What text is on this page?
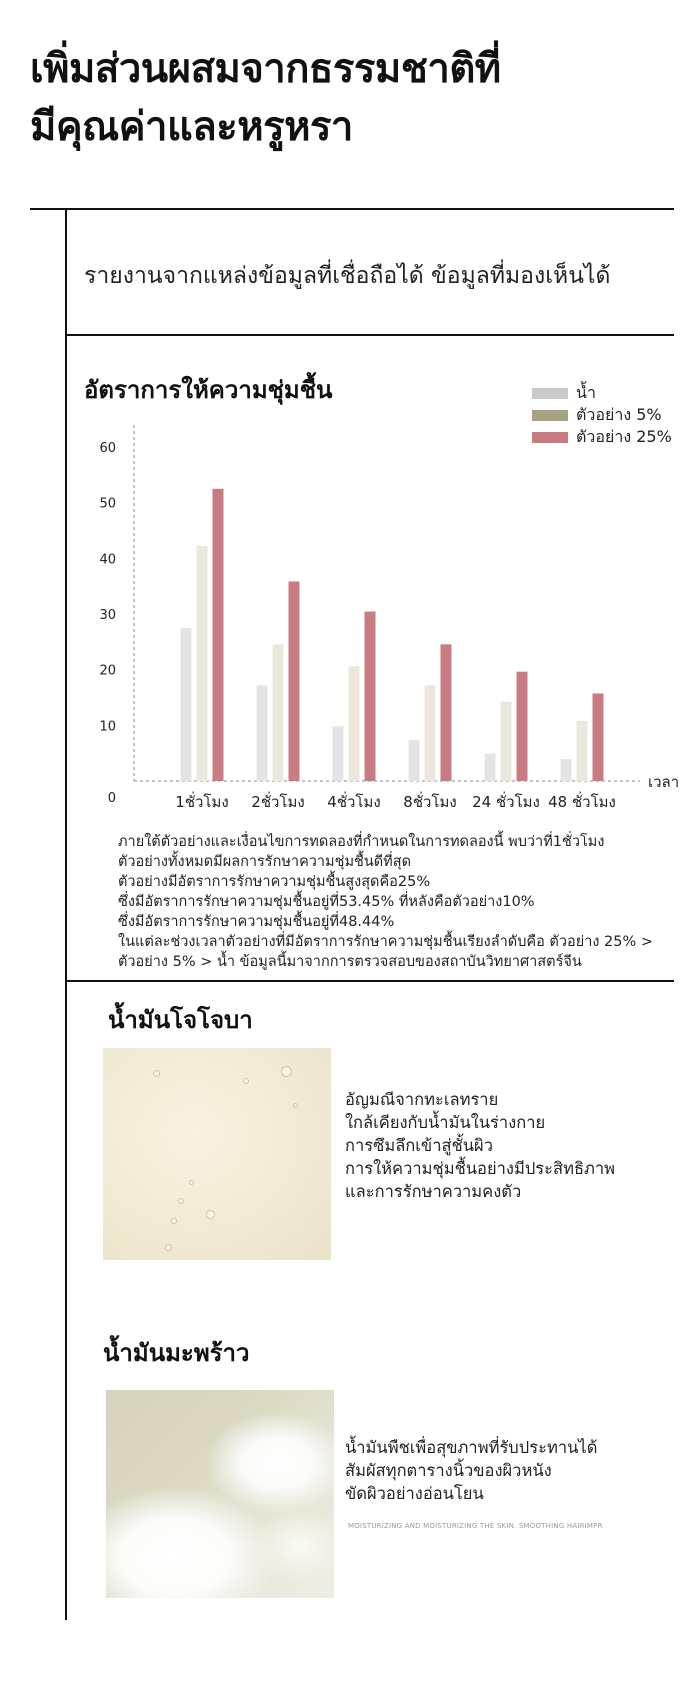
เพิ่มส่วนผสมจากธรรมชาติที่
มีคุณค่าและหรูหรา
รายงานจากแหล่งข้อมูลที่เชื่อถือได้ ข้อมูลที่มองเห็นได้
อัตราการให้ความชุ่มชื้น	น้ำ
ตัวอย่าง 5%
ตัวอย่าง 25%
0
10
20
30
40
50
60
1ชั่วโมง 2ชั่วโมง 4ชั่วโมง 8ชั่วโมง 24 ชั่วโมง 48 ชั่วโมง
เวลา
ภายใต้ตัวอย่างและเงื่อนไขการทดลองที่กำหนดในการทดลองนี้ พบว่าที่1ชั่วโมง
ตัวอย่างทั้งหมดมีผลการรักษาความชุ่มชื้นดีที่สุด
ตัวอย่างมีอัตราการรักษาความชุ่มชื้นสูงสุดคือ25%
ซึ่งมีอัตราการรักษาความชุ่มชื้นอยู่ที่53.45% ที่หลังคือตัวอย่าง10%
ซึ่งมีอัตราการรักษาความชุ่มชื้นอยู่ที่48.44%
ในแต่ละช่วงเวลาตัวอย่างที่มีอัตราการรักษาความชุ่มชื้นเรียงลำดับคือ ตัวอย่าง 25% >
ตัวอย่าง 5% > น้ำ ข้อมูลนี้มาจากการตรวจสอบของสถาบันวิทยาศาสตร์จีน
น้ำมันโจโจบา
อัญมณีจากทะเลทราย
ใกล้เคียงกับน้ำมันในร่างกาย
การซึมลึกเข้าสู่ชั้นผิว
การให้ความชุ่มชื้นอย่างมีประสิทธิภาพ
และการรักษาความคงตัว
น้ำมันมะพร้าว
น้ำมันพืชเพื่อสุขภาพที่รับประทานได้
สัมผัสทุกตารางนิ้วของผิวหนัง
ขัดผิวอย่างอ่อนโยน
MOISTURIZING AND MOISTURIZING THE SKIN. SMOOTHING HAIRIMPR
